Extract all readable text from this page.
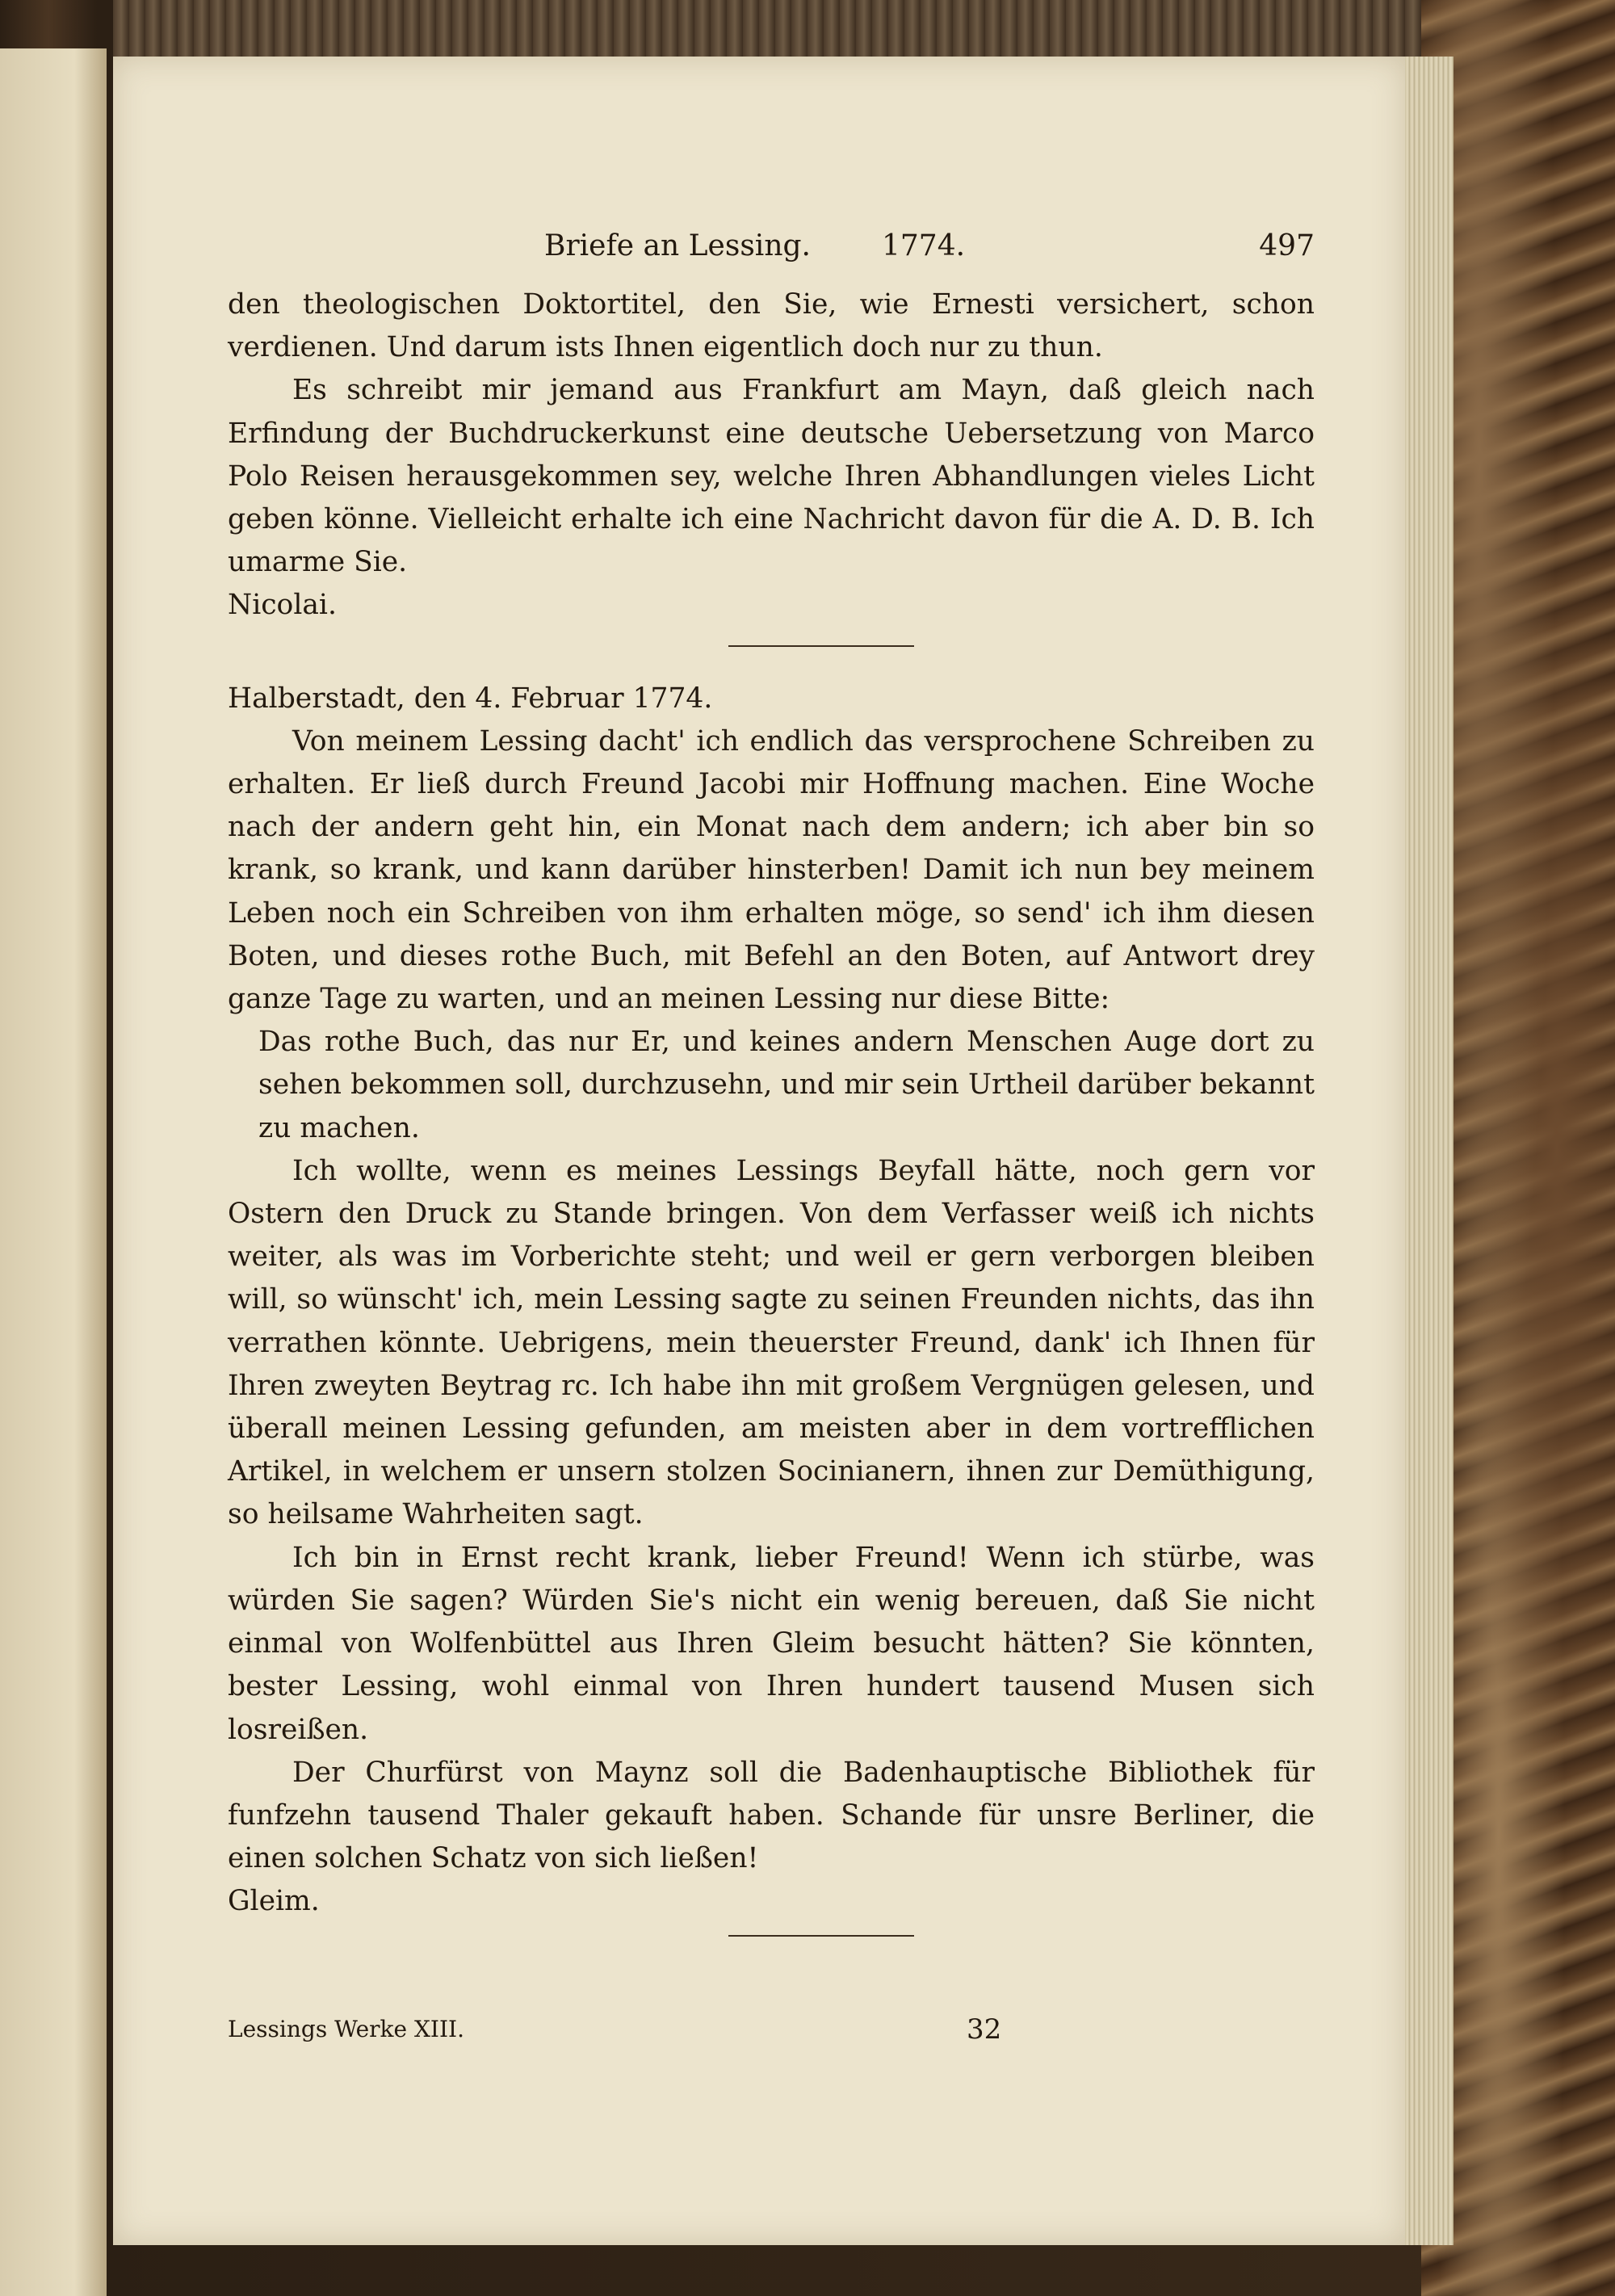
Briefe an Lessing. 1774.	497

den theologischen Doktortitel, den Sie, wie Ernesti versichert, schon verdienen. Und darum ists Ihnen eigentlich doch nur zu thun.

Es schreibt mir jemand aus Frankfurt am Mayn, daß gleich nach Erfindung der Buchdruckerkunst eine deutsche Uebersetzung von Marco Polo Reisen herausgekommen sey, welche Ihren Abhandlungen vieles Licht geben könne. Vielleicht erhalte ich eine Nachricht davon für die A. D. B. Ich umarme Sie.

Nicolai.

Halberstadt, den 4. Februar 1774.

Von meinem Lessing dacht' ich endlich das versprochene Schreiben zu erhalten. Er ließ durch Freund Jacobi mir Hoffnung machen. Eine Woche nach der andern geht hin, ein Monat nach dem andern; ich aber bin so krank, so krank, und kann darüber hinsterben! Damit ich nun bey meinem Leben noch ein Schreiben von ihm erhalten möge, so send' ich ihm diesen Boten, und dieses rothe Buch, mit Befehl an den Boten, auf Antwort drey ganze Tage zu warten, und an meinen Lessing nur diese Bitte:

Das rothe Buch, das nur Er, und keines andern Menschen Auge dort zu sehen bekommen soll, durchzusehn, und mir sein Urtheil darüber bekannt zu machen.

Ich wollte, wenn es meines Lessings Beyfall hätte, noch gern vor Ostern den Druck zu Stande bringen. Von dem Verfasser weiß ich nichts weiter, als was im Vorberichte steht; und weil er gern verborgen bleiben will, so wünscht' ich, mein Lessing sagte zu seinen Freunden nichts, das ihn verrathen könnte. Uebrigens, mein theuerster Freund, dank' ich Ihnen für Ihren zweyten Beytrag rc. Ich habe ihn mit großem Vergnügen gelesen, und überall meinen Lessing gefunden, am meisten aber in dem vortrefflichen Artikel, in welchem er unsern stolzen Socinianern, ihnen zur Demüthigung, so heilsame Wahrheiten sagt.

Ich bin in Ernst recht krank, lieber Freund! Wenn ich stürbe, was würden Sie sagen? Würden Sie's nicht ein wenig bereuen, daß Sie nicht einmal von Wolfenbüttel aus Ihren Gleim besucht hätten? Sie könnten, bester Lessing, wohl einmal von Ihren hundert tausend Musen sich losreißen.

Der Churfürst von Maynz soll die Badenhauptische Bibliothek für funfzehn tausend Thaler gekauft haben. Schande für unsre Berliner, die einen solchen Schatz von sich ließen!

Gleim.

Lessings Werke XIII.	32
